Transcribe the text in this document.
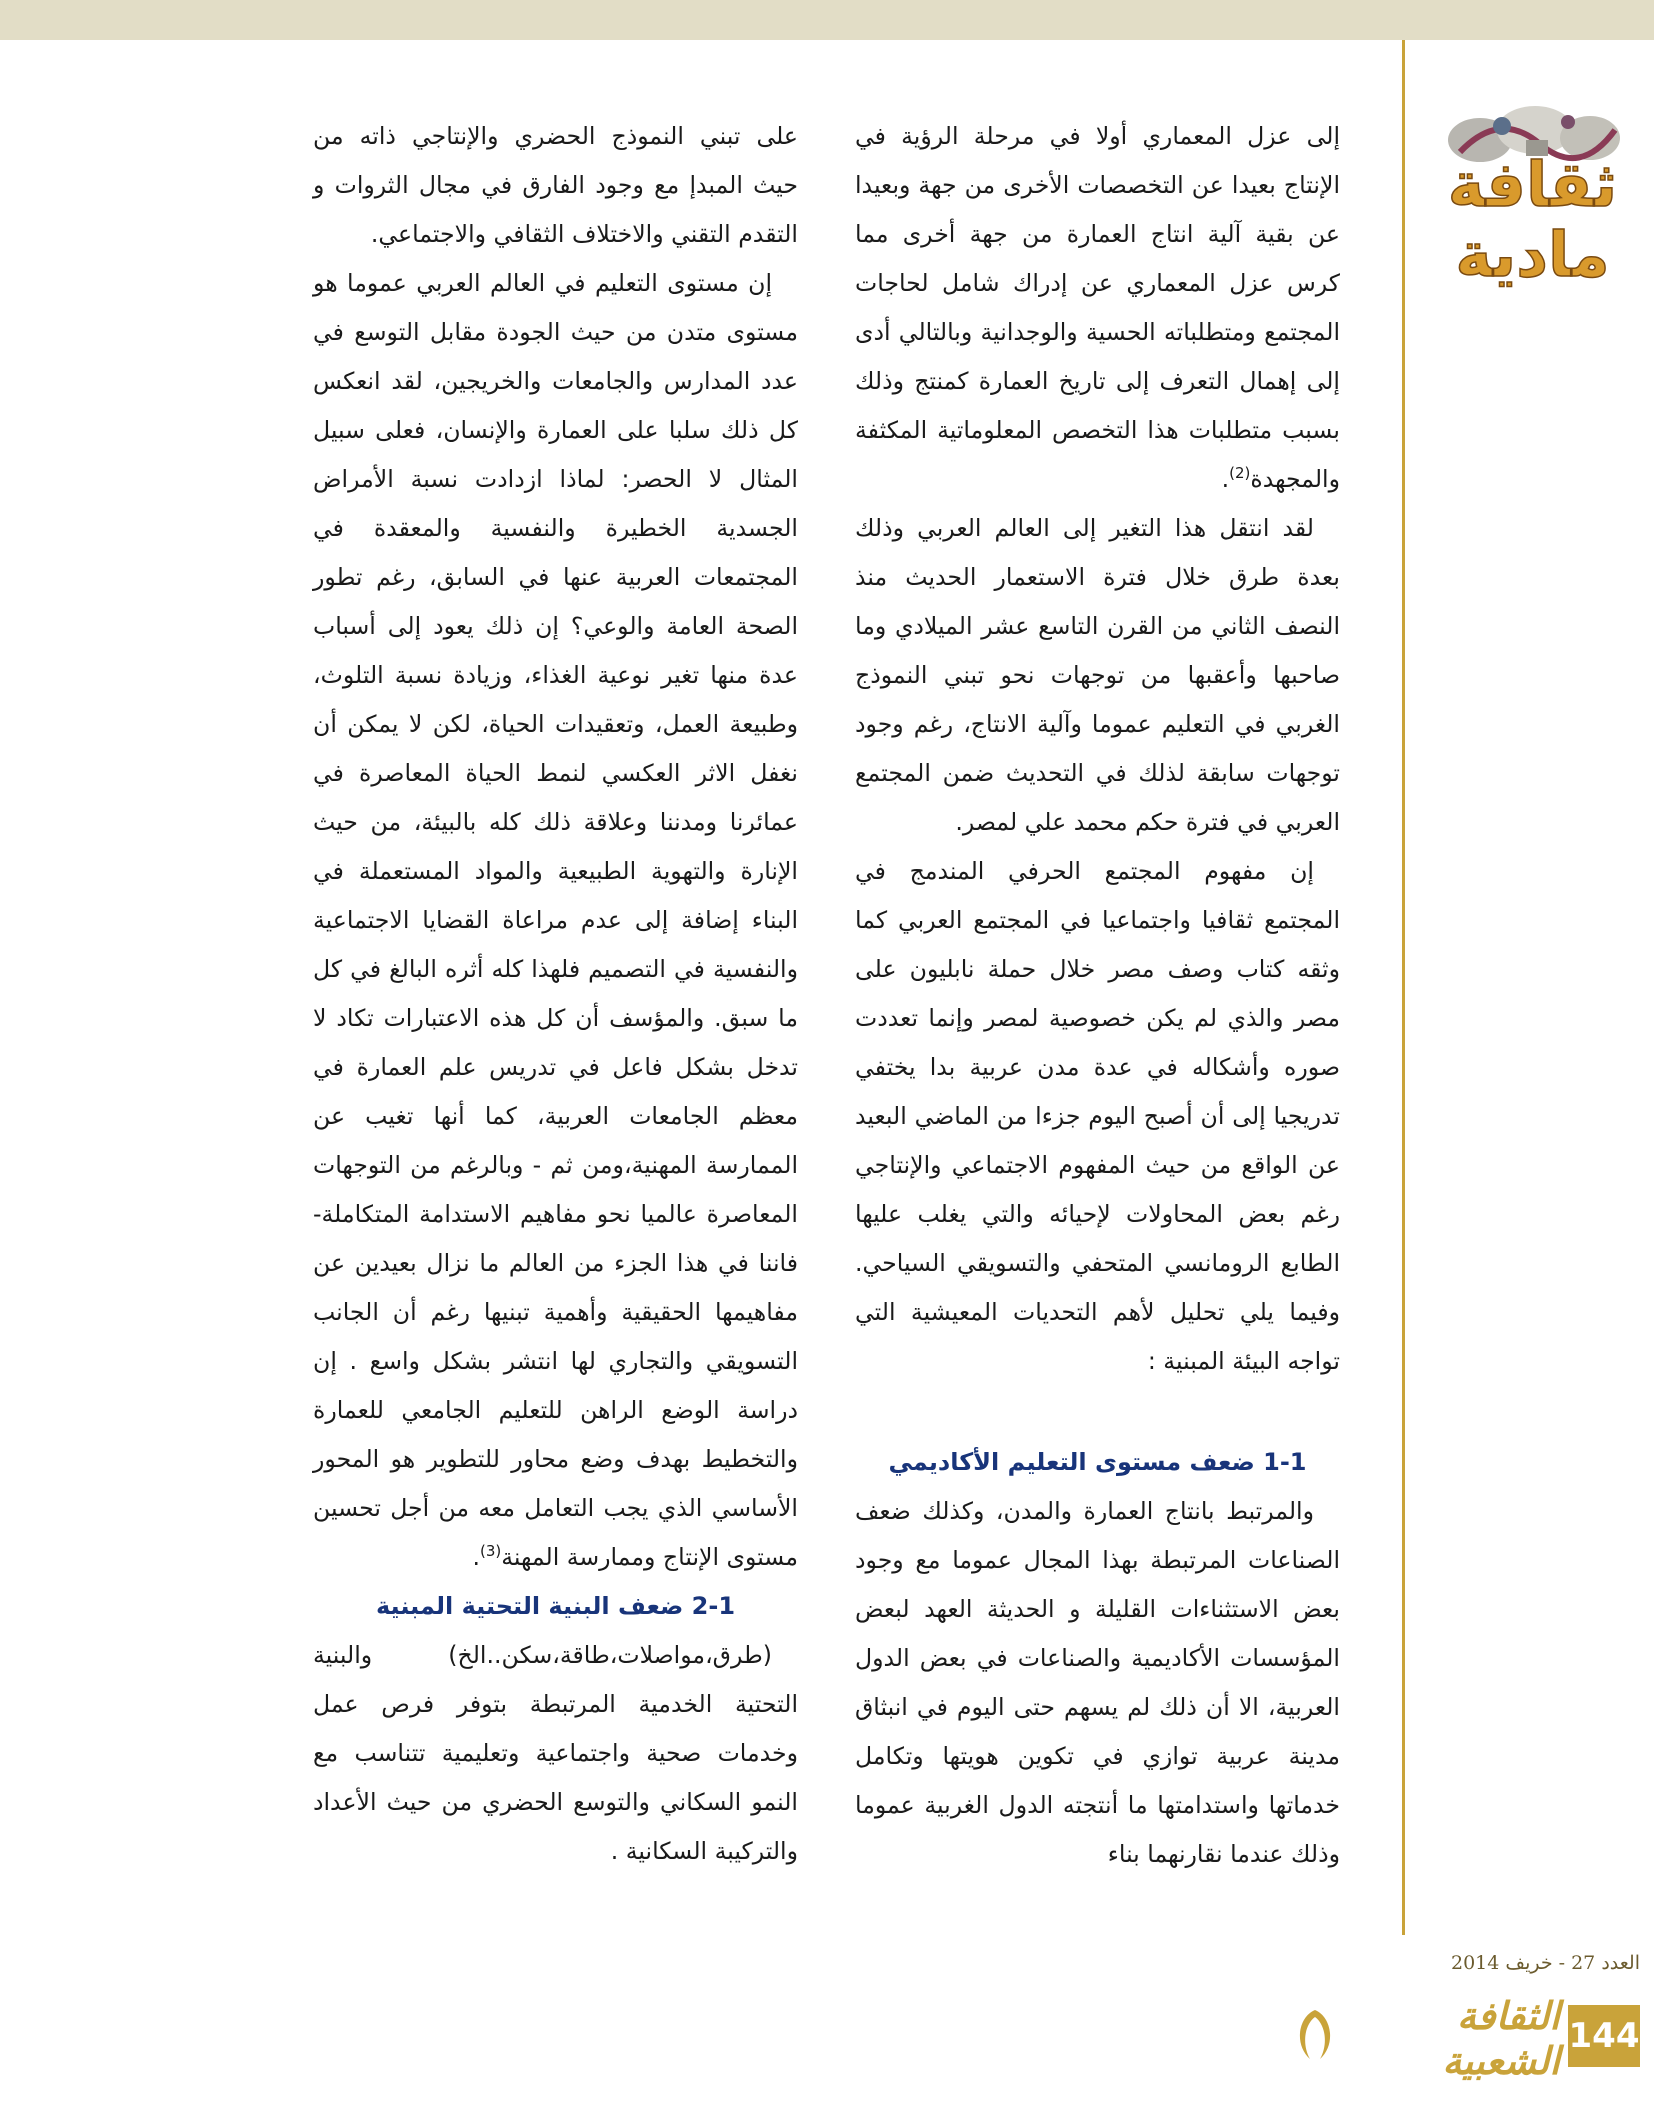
ثقافة
مادية

إلى عزل المعماري أولا في مرحلة الرؤية في الإنتاج بعيدا عن التخصصات الأخرى من جهة وبعيدا عن بقية آلية انتاج العمارة من جهة أخرى مما كرس عزل المعماري عن إدراك شامل لحاجات المجتمع ومتطلباته الحسية والوجدانية وبالتالي أدى إلى إهمال التعرف إلى تاريخ العمارة كمنتج وذلك بسبب متطلبات هذا التخصص المعلوماتية المكثفة والمجهدة$^{(2)}$.

لقد انتقل هذا التغير إلى العالم العربي وذلك بعدة طرق خلال فترة الاستعمار الحديث منذ النصف الثاني من القرن التاسع عشر الميلادي وما صاحبها وأعقبها من توجهات نحو تبني النموذج الغربي في التعليم عموما وآلية الانتاج، رغم وجود توجهات سابقة لذلك في التحديث ضمن المجتمع العربي في فترة حكم محمد علي لمصر.

إن مفهوم المجتمع الحرفي المندمج في المجتمع ثقافيا واجتماعيا في المجتمع العربي كما وثقه كتاب وصف مصر خلال حملة نابليون على مصر والذي لم يكن خصوصية لمصر وإنما تعددت صوره وأشكاله في عدة مدن عربية بدا يختفي تدريجيا إلى أن أصبح اليوم جزءا من الماضي البعيد عن الواقع من حيث المفهوم الاجتماعي والإنتاجي رغم بعض المحاولات لإحيائه والتي يغلب عليها الطابع الرومانسي المتحفي والتسويقي السياحي. وفيما يلي تحليل لأهم التحديات المعيشية التي تواجه البيئة المبنية :

1-1 ضعف مستوى التعليم الأكاديمي

والمرتبط بانتاج العمارة والمدن، وكذلك ضعف الصناعات المرتبطة بهذا المجال عموما مع وجود بعض الاستثناءات القليلة و الحديثة العهد لبعض المؤسسات الأكاديمية والصناعات في بعض الدول العربية، الا أن ذلك لم يسهم حتى اليوم في انبثاق مدينة عربية توازي في تكوين هويتها وتكامل خدماتها واستدامتها ما أنتجته الدول الغربية عموما وذلك عندما نقارنهما بناء

على تبني النموذج الحضري والإنتاجي ذاته من حيث المبدإ مع وجود الفارق في مجال الثروات و التقدم التقني والاختلاف الثقافي والاجتماعي.

إن مستوى التعليم في العالم العربي عموما هو مستوى متدن من حيث الجودة مقابل التوسع في عدد المدارس والجامعات والخريجين، لقد انعكس كل ذلك سلبا على العمارة والإنسان، فعلى سبيل المثال لا الحصر: لماذا ازدادت نسبة الأمراض الجسدية الخطيرة والنفسية والمعقدة في المجتمعات العربية عنها في السابق، رغم تطور الصحة العامة والوعي؟ إن ذلك يعود إلى أسباب عدة منها تغير نوعية الغذاء، وزيادة نسبة التلوث، وطبيعة العمل، وتعقيدات الحياة، لكن لا يمكن أن نغفل الاثر العكسي لنمط الحياة المعاصرة في عمائرنا ومدننا وعلاقة ذلك كله بالبيئة، من حيث الإنارة والتهوية الطبيعية والمواد المستعملة في البناء إضافة إلى عدم مراعاة القضايا الاجتماعية والنفسية في التصميم فلهذا كله أثره البالغ في كل ما سبق. والمؤسف أن كل هذه الاعتبارات تكاد لا تدخل بشكل فاعل في تدريس علم العمارة في معظم الجامعات العربية، كما أنها تغيب عن الممارسة المهنية،ومن ثم - وبالرغم من التوجهات المعاصرة عالميا نحو مفاهيم الاستدامة المتكاملة- فاننا في هذا الجزء من العالم ما نزال بعيدين عن مفاهيمها الحقيقية وأهمية تبنيها رغم أن الجانب التسويقي والتجاري لها انتشر بشكل واسع . إن دراسة الوضع الراهن للتعليم الجامعي للعمارة والتخطيط بهدف وضع محاور للتطوير هو المحور الأساسي الذي يجب التعامل معه من أجل تحسين مستوى الإنتاج وممارسة المهنة$^{(3)}$.

2-1 ضعف البنية التحتية المبنية

(طرق،مواصلات،طاقة،سكن..الخ) والبنية التحتية الخدمية المرتبطة بتوفر فرص عمل وخدمات صحية واجتماعية وتعليمية تتناسب مع النمو السكاني والتوسع الحضري من حيث الأعداد والتركيبة السكانية .

العدد 27 - خريف 2014
الثقافة الشعبية
144
